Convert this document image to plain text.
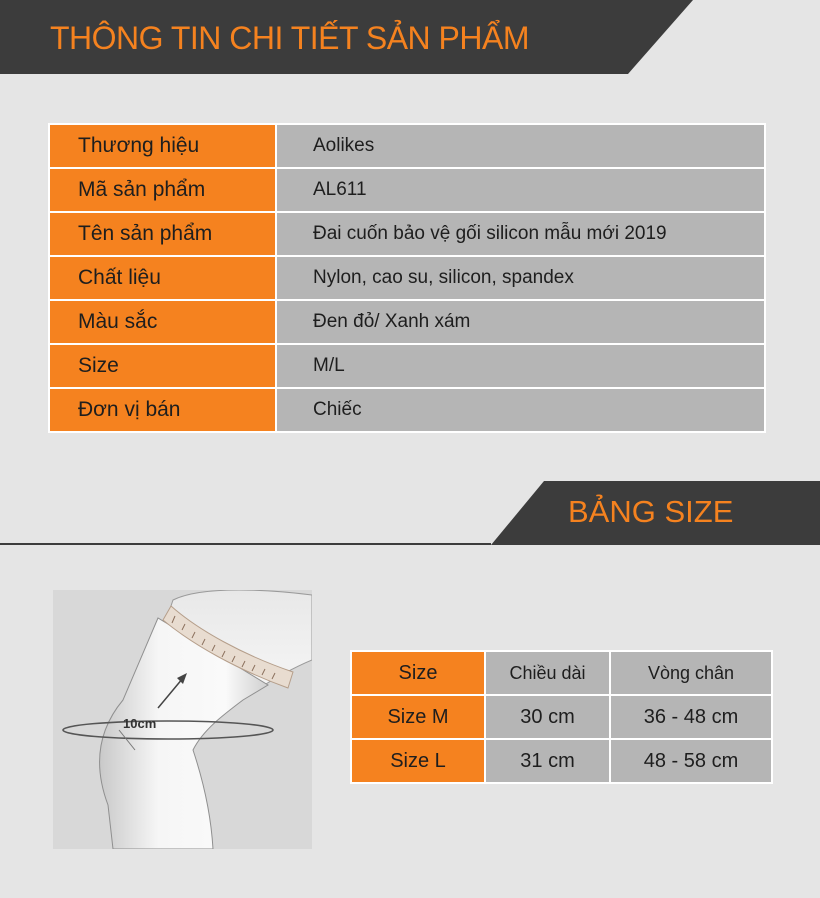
THÔNG TIN CHI TIẾT SẢN PHẨM
Thương hiệu	Aolikes
Mã sản phẩm	AL611
Tên sản phẩm	Đai cuốn bảo vệ gối silicon mẫu mới 2019
Chất liệu	Nylon, cao su, silicon, spandex
Màu sắc	Đen đỏ/ Xanh xám
Size	M/L
Đơn vị bán	Chiếc
BẢNG SIZE
10cm
Size	Chiều dài	Vòng chân
Size M	30 cm	36 - 48 cm
Size L	31 cm	48 - 58 cm
